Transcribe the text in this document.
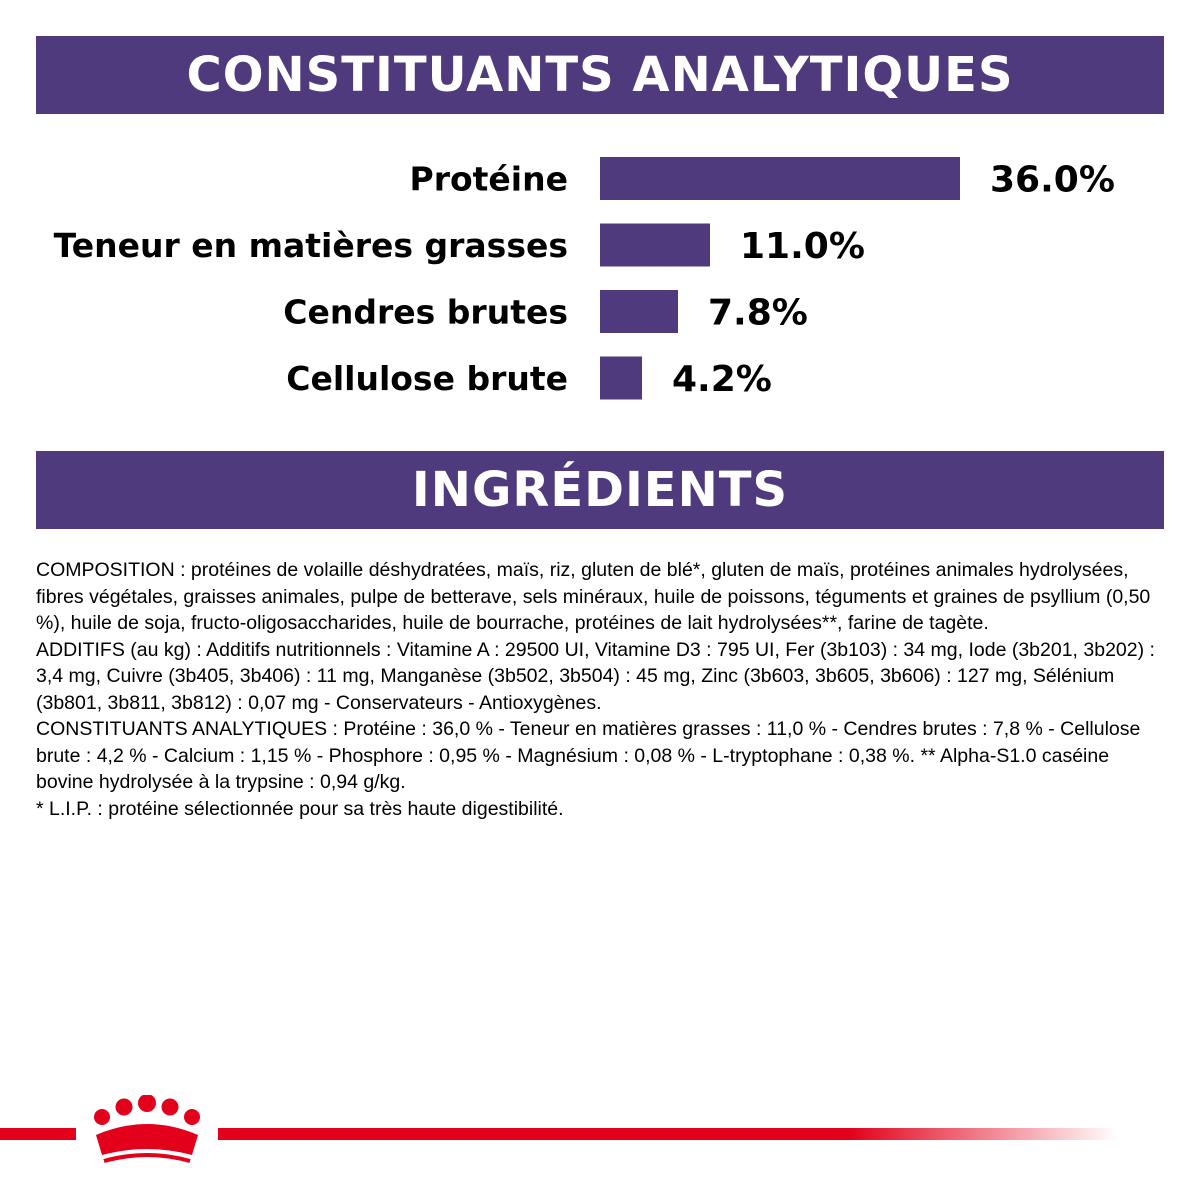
CONSTITUANTS ANALYTIQUES
Protéine	36.0%
Teneur en matières grasses	11.0%
Cendres brutes	7.8%
Cellulose brute	4.2%
INGRÉDIENTS

COMPOSITION : protéines de volaille déshydratées, maïs, riz, gluten de blé*, gluten de maïs, protéines animales hydrolysées, fibres végétales, graisses animales, pulpe de betterave, sels minéraux, huile de poissons, téguments et graines de psyllium (0,50 %), huile de soja, fructo-oligosaccharides, huile de bourrache, protéines de lait hydrolysées**, farine de tagète.

ADDITIFS (au kg) : Additifs nutritionnels : Vitamine A : 29500 UI, Vitamine D3 : 795 UI, Fer (3b103) : 34 mg, Iode (3b201, 3b202) : 3,4 mg, Cuivre (3b405, 3b406) : 11 mg, Manganèse (3b502, 3b504) : 45 mg, Zinc (3b603, 3b605, 3b606) : 127 mg, Sélénium (3b801, 3b811, 3b812) : 0,07 mg - Conservateurs - Antioxygènes.

CONSTITUANTS ANALYTIQUES : Protéine : 36,0 % - Teneur en matières grasses : 11,0 % - Cendres brutes : 7,8 % - Cellulose brute : 4,2 % - Calcium : 1,15 % - Phosphore : 0,95 % - Magnésium : 0,08 % - L-tryptophane : 0,38 %. ** Alpha-S1.0 caséine bovine hydrolysée à la trypsine : 0,94 g/kg.

* L.I.P. : protéine sélectionnée pour sa très haute digestibilité.
